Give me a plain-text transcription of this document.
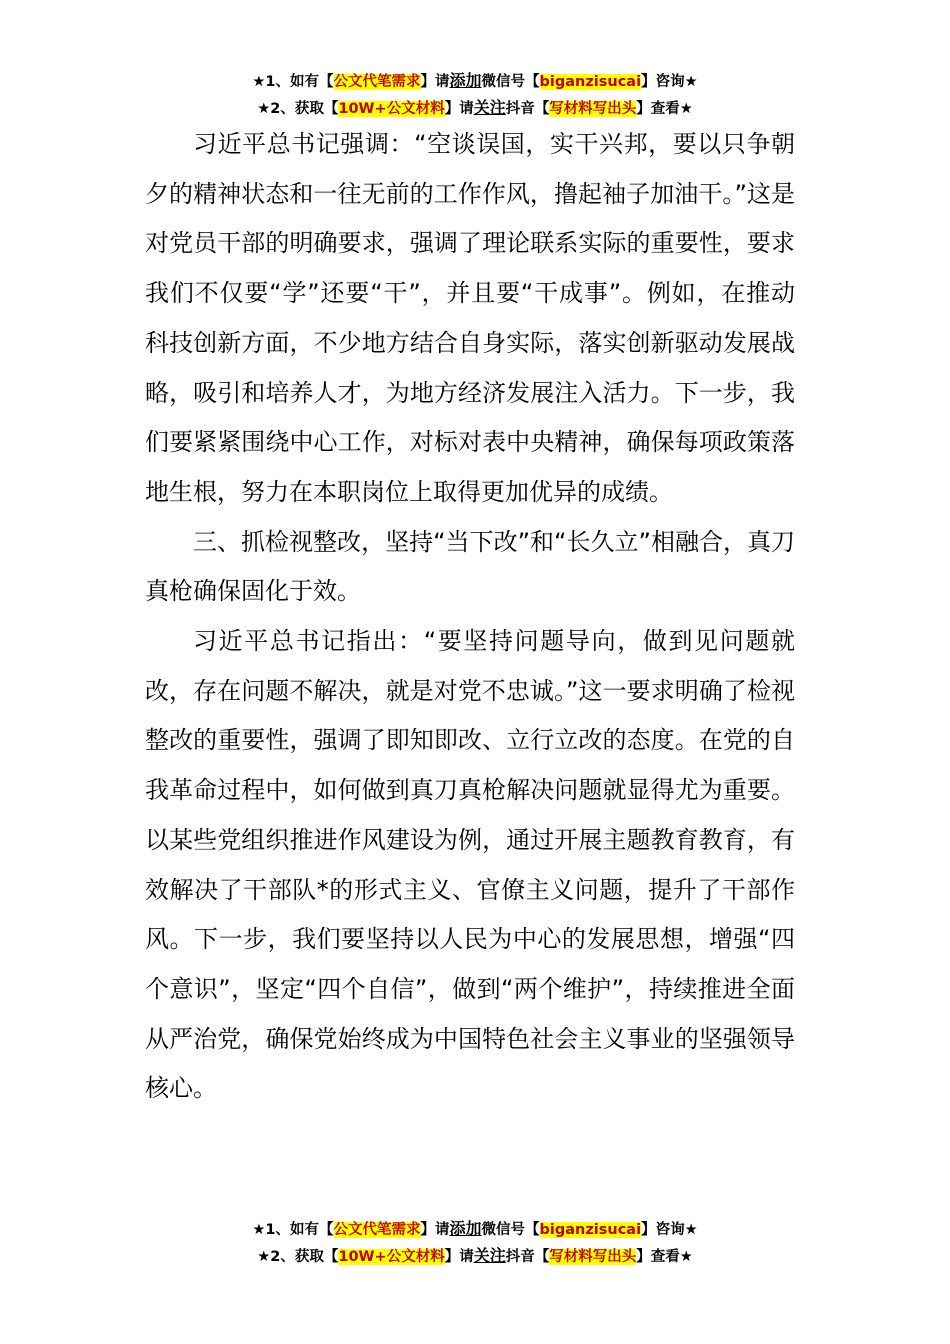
★1、如有【公文代笔需求】请添加微信号【biganzisucai】咨询★
★2、获取【10W+公文材料】请关注抖音【写材料写出头】查看★

习近平总书记强调：“空谈误国，实干兴邦，要以只争朝夕的精神状态和一往无前的工作作风，撸起袖子加油干。”这是对党员干部的明确要求，强调了理论联系实际的重要性，要求我们不仅要“学”还要“干”，并且要“干成事”。例如，在推动科技创新方面，不少地方结合自身实际，落实创新驱动发展战略，吸引和培养人才，为地方经济发展注入活力。下一步，我们要紧紧围绕中心工作，对标对表中央精神，确保每项政策落地生根，努力在本职岗位上取得更加优异的成绩。

三、抓检视整改，坚持“当下改”和“长久立”相融合，真刀真枪确保固化于效。

习近平总书记指出：“要坚持问题导向，做到见问题就改，存在问题不解决，就是对党不忠诚。”这一要求明确了检视整改的重要性，强调了即知即改、立行立改的态度。在党的自我革命过程中，如何做到真刀真枪解决问题就显得尤为重要。以某些党组织推进作风建设为例，通过开展主题教育教育，有效解决了干部队*的形式主义、官僚主义问题，提升了干部作风。下一步，我们要坚持以人民为中心的发展思想，增强“四个意识”，坚定“四个自信”，做到“两个维护”，持续推进全面从严治党，确保党始终成为中国特色社会主义事业的坚强领导核心。

★1、如有【公文代笔需求】请添加微信号【biganzisucai】咨询★
★2、获取【10W+公文材料】请关注抖音【写材料写出头】查看★
